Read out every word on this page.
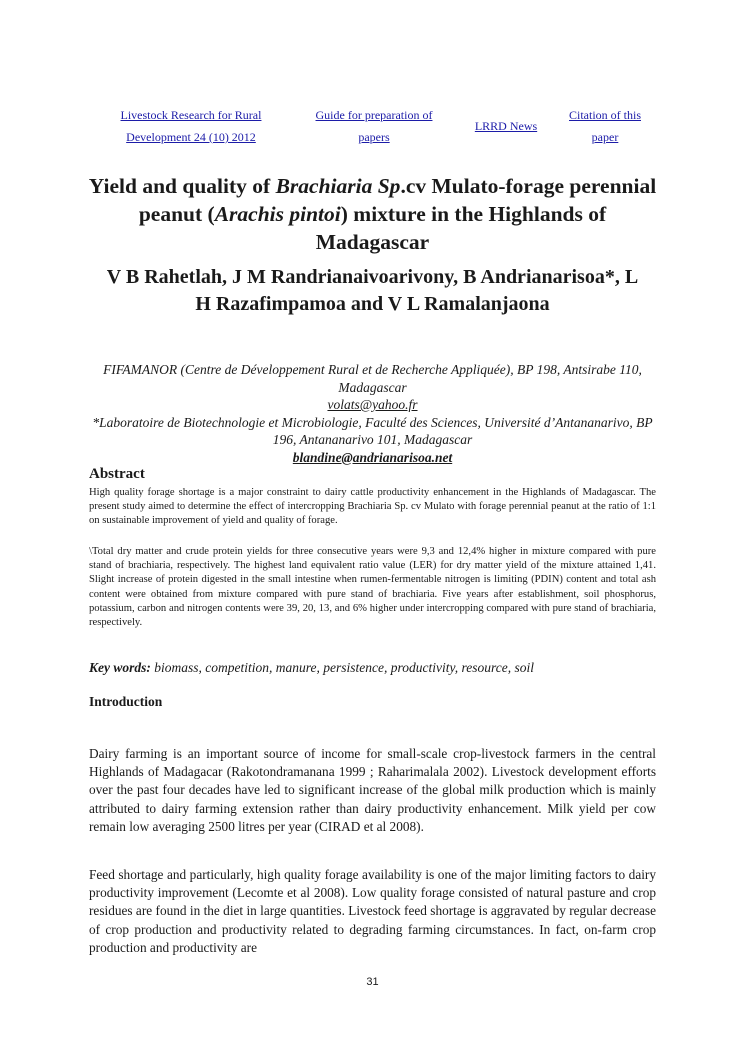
Livestock Research for Rural
Development 24 (10) 2012
Guide for preparation of
papers
LRRD News
Citation of this
paper
Yield and quality of Brachiaria Sp.cv Mulato-forage perennial peanut (Arachis pintoi) mixture in the Highlands of Madagascar
V B Rahetlah, J M Randrianaivoarivony, B Andrianarisoa*, L H Razafimpamoa and V L Ramalanjaona
FIFAMANOR (Centre de Développement Rural et de Recherche Appliquée), BP 198, Antsirabe 110, Madagascar
volats@yahoo.fr
*Laboratoire de Biotechnologie et Microbiologie, Faculté des Sciences, Université d’Antananarivo, BP 196, Antananarivo 101, Madagascar
blandine@andrianarisoa.net
Abstract

High quality forage shortage is a major constraint to dairy cattle productivity enhancement in the Highlands of Madagascar. The present study aimed to determine the effect of intercropping Brachiaria Sp. cv Mulato with forage perennial peanut at the ratio of 1:1 on sustainable improvement of yield and quality of forage.

\Total dry matter and crude protein yields for three consecutive years were 9,3 and 12,4% higher in mixture compared with pure stand of brachiaria, respectively. The highest land equivalent ratio value (LER) for dry matter yield of the mixture attained 1,41. Slight increase of protein digested in the small intestine when rumen-fermentable nitrogen is limiting (PDIN) content and total ash content were obtained from mixture compared with pure stand of brachiaria. Five years after establishment, soil phosphorus, potassium, carbon and nitrogen contents were 39, 20, 13, and 6% higher under intercropping compared with pure stand of brachiaria, respectively.

Key words: biomass, competition, manure, persistence, productivity, resource, soil

Introduction

Dairy farming is an important source of income for small-scale crop-livestock farmers in the central Highlands of Madagacar (Rakotondramanana 1999 ; Raharimalala 2002). Livestock development efforts over the past four decades have led to significant increase of the global milk production which is mainly attributed to dairy farming extension rather than dairy productivity enhancement. Milk yield per cow remain low averaging 2500 litres per year (CIRAD et al 2008).

Feed shortage and particularly, high quality forage availability is one of the major limiting factors to dairy productivity improvement (Lecomte et al 2008). Low quality forage consisted of natural pasture and crop residues are found in the diet in large quantities. Livestock feed shortage is aggravated by regular decrease of crop production and productivity related to degrading farming circumstances. In fact, on-farm crop production and productivity are

31
